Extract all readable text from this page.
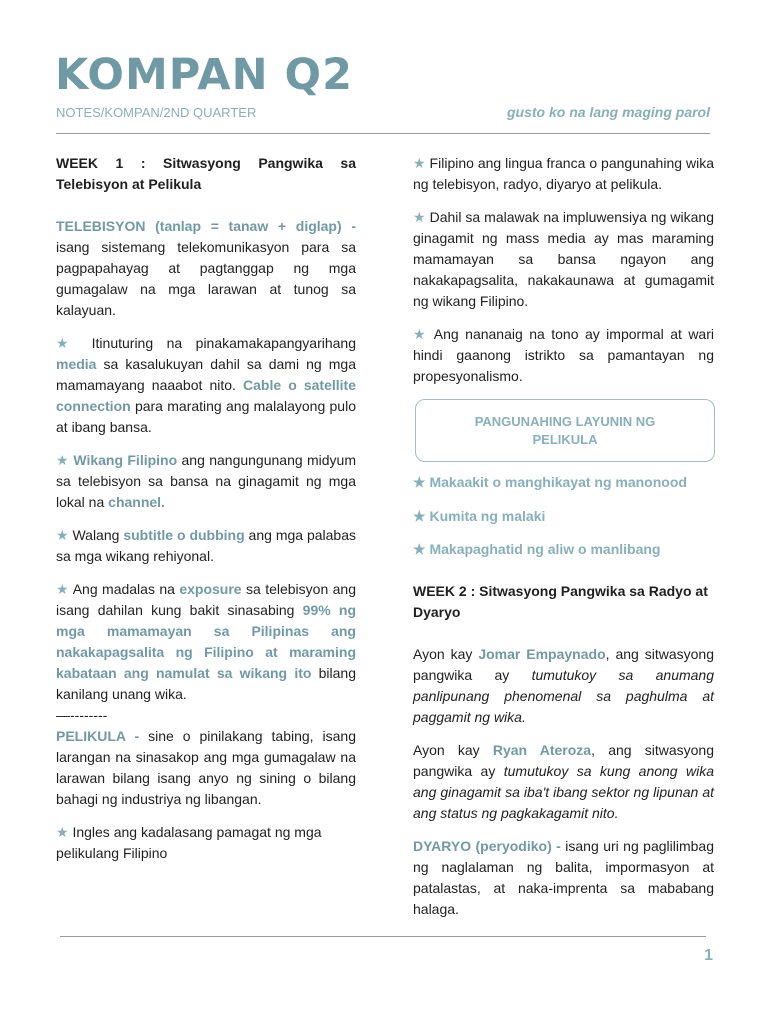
KOMPAN Q2
NOTES/KOMPAN/2ND QUARTER	gusto ko na lang maging parol

WEEK 1 : Sitwasyong Pangwika sa Telebisyon at Pelikula

TELEBISYON (tanlap = tanaw + diglap) - isang sistemang telekomunikasyon para sa pagpapahayag at pagtanggap ng mga gumagalaw na mga larawan at tunog sa kalayuan.

★ Itinuturing na pinakamakapangyarihang media sa kasalukuyan dahil sa dami ng mga mamamayang naaabot nito. Cable o satellite connection para marating ang malalayong pulo at ibang bansa.

★ Wikang Filipino ang nangungunang midyum sa telebisyon sa bansa na ginagamit ng mga lokal na channel.

★ Walang subtitle o dubbing ang mga palabas sa mga wikang rehiyonal.

★ Ang madalas na exposure sa telebisyon ang isang dahilan kung bakit sinasabing 99% ng mga mamamayan sa Pilipinas ang nakakapagsalita ng Filipino at maraming kabataan ang namulat sa wikang ito bilang kanilang unang wika.

—--------

PELIKULA - sine o pinilakang tabing, isang larangan na sinasakop ang mga gumagalaw na larawan bilang isang anyo ng sining o bilang bahagi ng industriya ng libangan.

★ Ingles ang kadalasang pamagat ng mga pelikulang Filipino

★ Filipino ang lingua franca o pangunahing wika ng telebisyon, radyo, diyaryo at pelikula.

★ Dahil sa malawak na impluwensiya ng wikang ginagamit ng mass media ay mas maraming mamamayan sa bansa ngayon ang nakakapagsalita, nakakaunawa at gumagamit ng wikang Filipino.

★ Ang nananaig na tono ay impormal at wari hindi gaanong istrikto sa pamantayan ng propesyonalismo.

PANGUNAHING LAYUNIN NG PELIKULA

★ Makaakit o manghikayat ng manonood

★ Kumita ng malaki

★ Makapaghatid ng aliw o manlibang

WEEK 2 : Sitwasyong Pangwika sa Radyo at Dyaryo

Ayon kay Jomar Empaynado, ang sitwasyong pangwika ay tumutukoy sa anumang panlipunang phenomenal sa paghulma at paggamit ng wika.

Ayon kay Ryan Ateroza, ang sitwasyong pangwika ay tumutukoy sa kung anong wika ang ginagamit sa iba't ibang sektor ng lipunan at ang status ng pagkakagamit nito.

DYARYO (peryodiko) - isang uri ng paglilimbag ng naglalaman ng balita, impormasyon at patalastas, at naka-imprenta sa mababang halaga.

1
